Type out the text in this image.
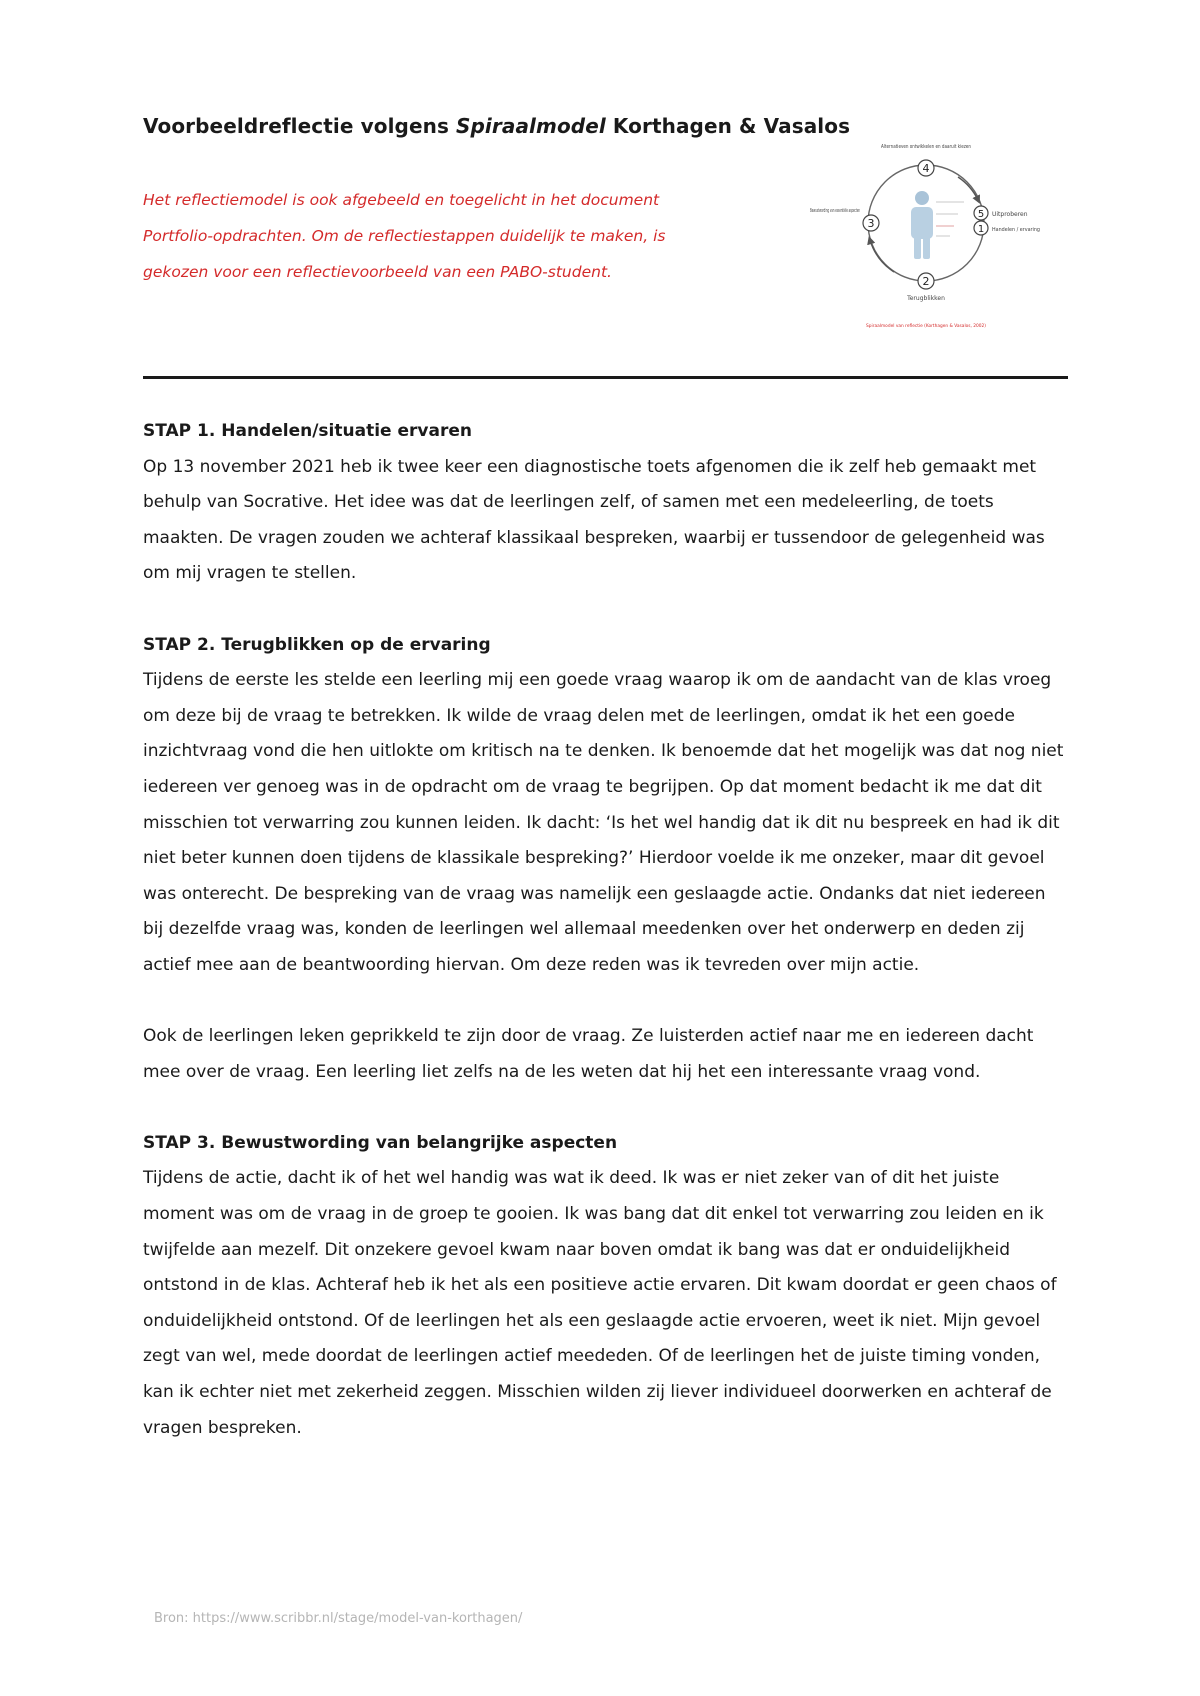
Voorbeeldreflectie volgens Spiraalmodel Korthagen & Vasalos
Het reflectiemodel is ook afgebeeld en toegelicht in het document Portfolio-opdrachten. Om de reflectiestappen duidelijk te maken, is gekozen voor een reflectievoorbeeld van een PABO-student.
4
5
1
2
3
Alternatieven ontwikkelen en daaruit kiezen
Uitproberen
Handelen / ervaring
Terugblikken
Bewustwording van essentiële aspecten
Spiraalmodel van reflectie (Korthagen & Vasalos, 2002)
STAP 1. Handelen/situatie ervaren

Op 13 november 2021 heb ik twee keer een diagnostische toets afgenomen die ik zelf heb gemaakt met behulp van Socrative. Het idee was dat de leerlingen zelf, of samen met een medeleerling, de toets maakten. De vragen zouden we achteraf klassikaal bespreken, waarbij er tussendoor de gelegenheid was om mij vragen te stellen.

STAP 2. Terugblikken op de ervaring

Tijdens de eerste les stelde een leerling mij een goede vraag waarop ik om de aandacht van de klas vroeg om deze bij de vraag te betrekken. Ik wilde de vraag delen met de leerlingen, omdat ik het een goede inzichtvraag vond die hen uitlokte om kritisch na te denken. Ik benoemde dat het mogelijk was dat nog niet iedereen ver genoeg was in de opdracht om de vraag te begrijpen. Op dat moment bedacht ik me dat dit misschien tot verwarring zou kunnen leiden. Ik dacht: ‘Is het wel handig dat ik dit nu bespreek en had ik dit niet beter kunnen doen tijdens de klassikale bespreking?’ Hierdoor voelde ik me onzeker, maar dit gevoel was onterecht. De bespreking van de vraag was namelijk een geslaagde actie. Ondanks dat niet iedereen bij dezelfde vraag was, konden de leerlingen wel allemaal meedenken over het onderwerp en deden zij actief mee aan de beantwoording hiervan. Om deze reden was ik tevreden over mijn actie.

Ook de leerlingen leken geprikkeld te zijn door de vraag. Ze luisterden actief naar me en iedereen dacht mee over de vraag. Een leerling liet zelfs na de les weten dat hij het een interessante vraag vond.

STAP 3. Bewustwording van belangrijke aspecten

Tijdens de actie, dacht ik of het wel handig was wat ik deed. Ik was er niet zeker van of dit het juiste moment was om de vraag in de groep te gooien. Ik was bang dat dit enkel tot verwarring zou leiden en ik twijfelde aan mezelf. Dit onzekere gevoel kwam naar boven omdat ik bang was dat er onduidelijkheid ontstond in de klas. Achteraf heb ik het als een positieve actie ervaren. Dit kwam doordat er geen chaos of onduidelijkheid ontstond. Of de leerlingen het als een geslaagde actie ervoeren, weet ik niet. Mijn gevoel zegt van wel, mede doordat de leerlingen actief meededen. Of de leerlingen het de juiste timing vonden, kan ik echter niet met zekerheid zeggen. Misschien wilden zij liever individueel doorwerken en achteraf de vragen bespreken.

Bron: https://www.scribbr.nl/stage/model-van-korthagen/
